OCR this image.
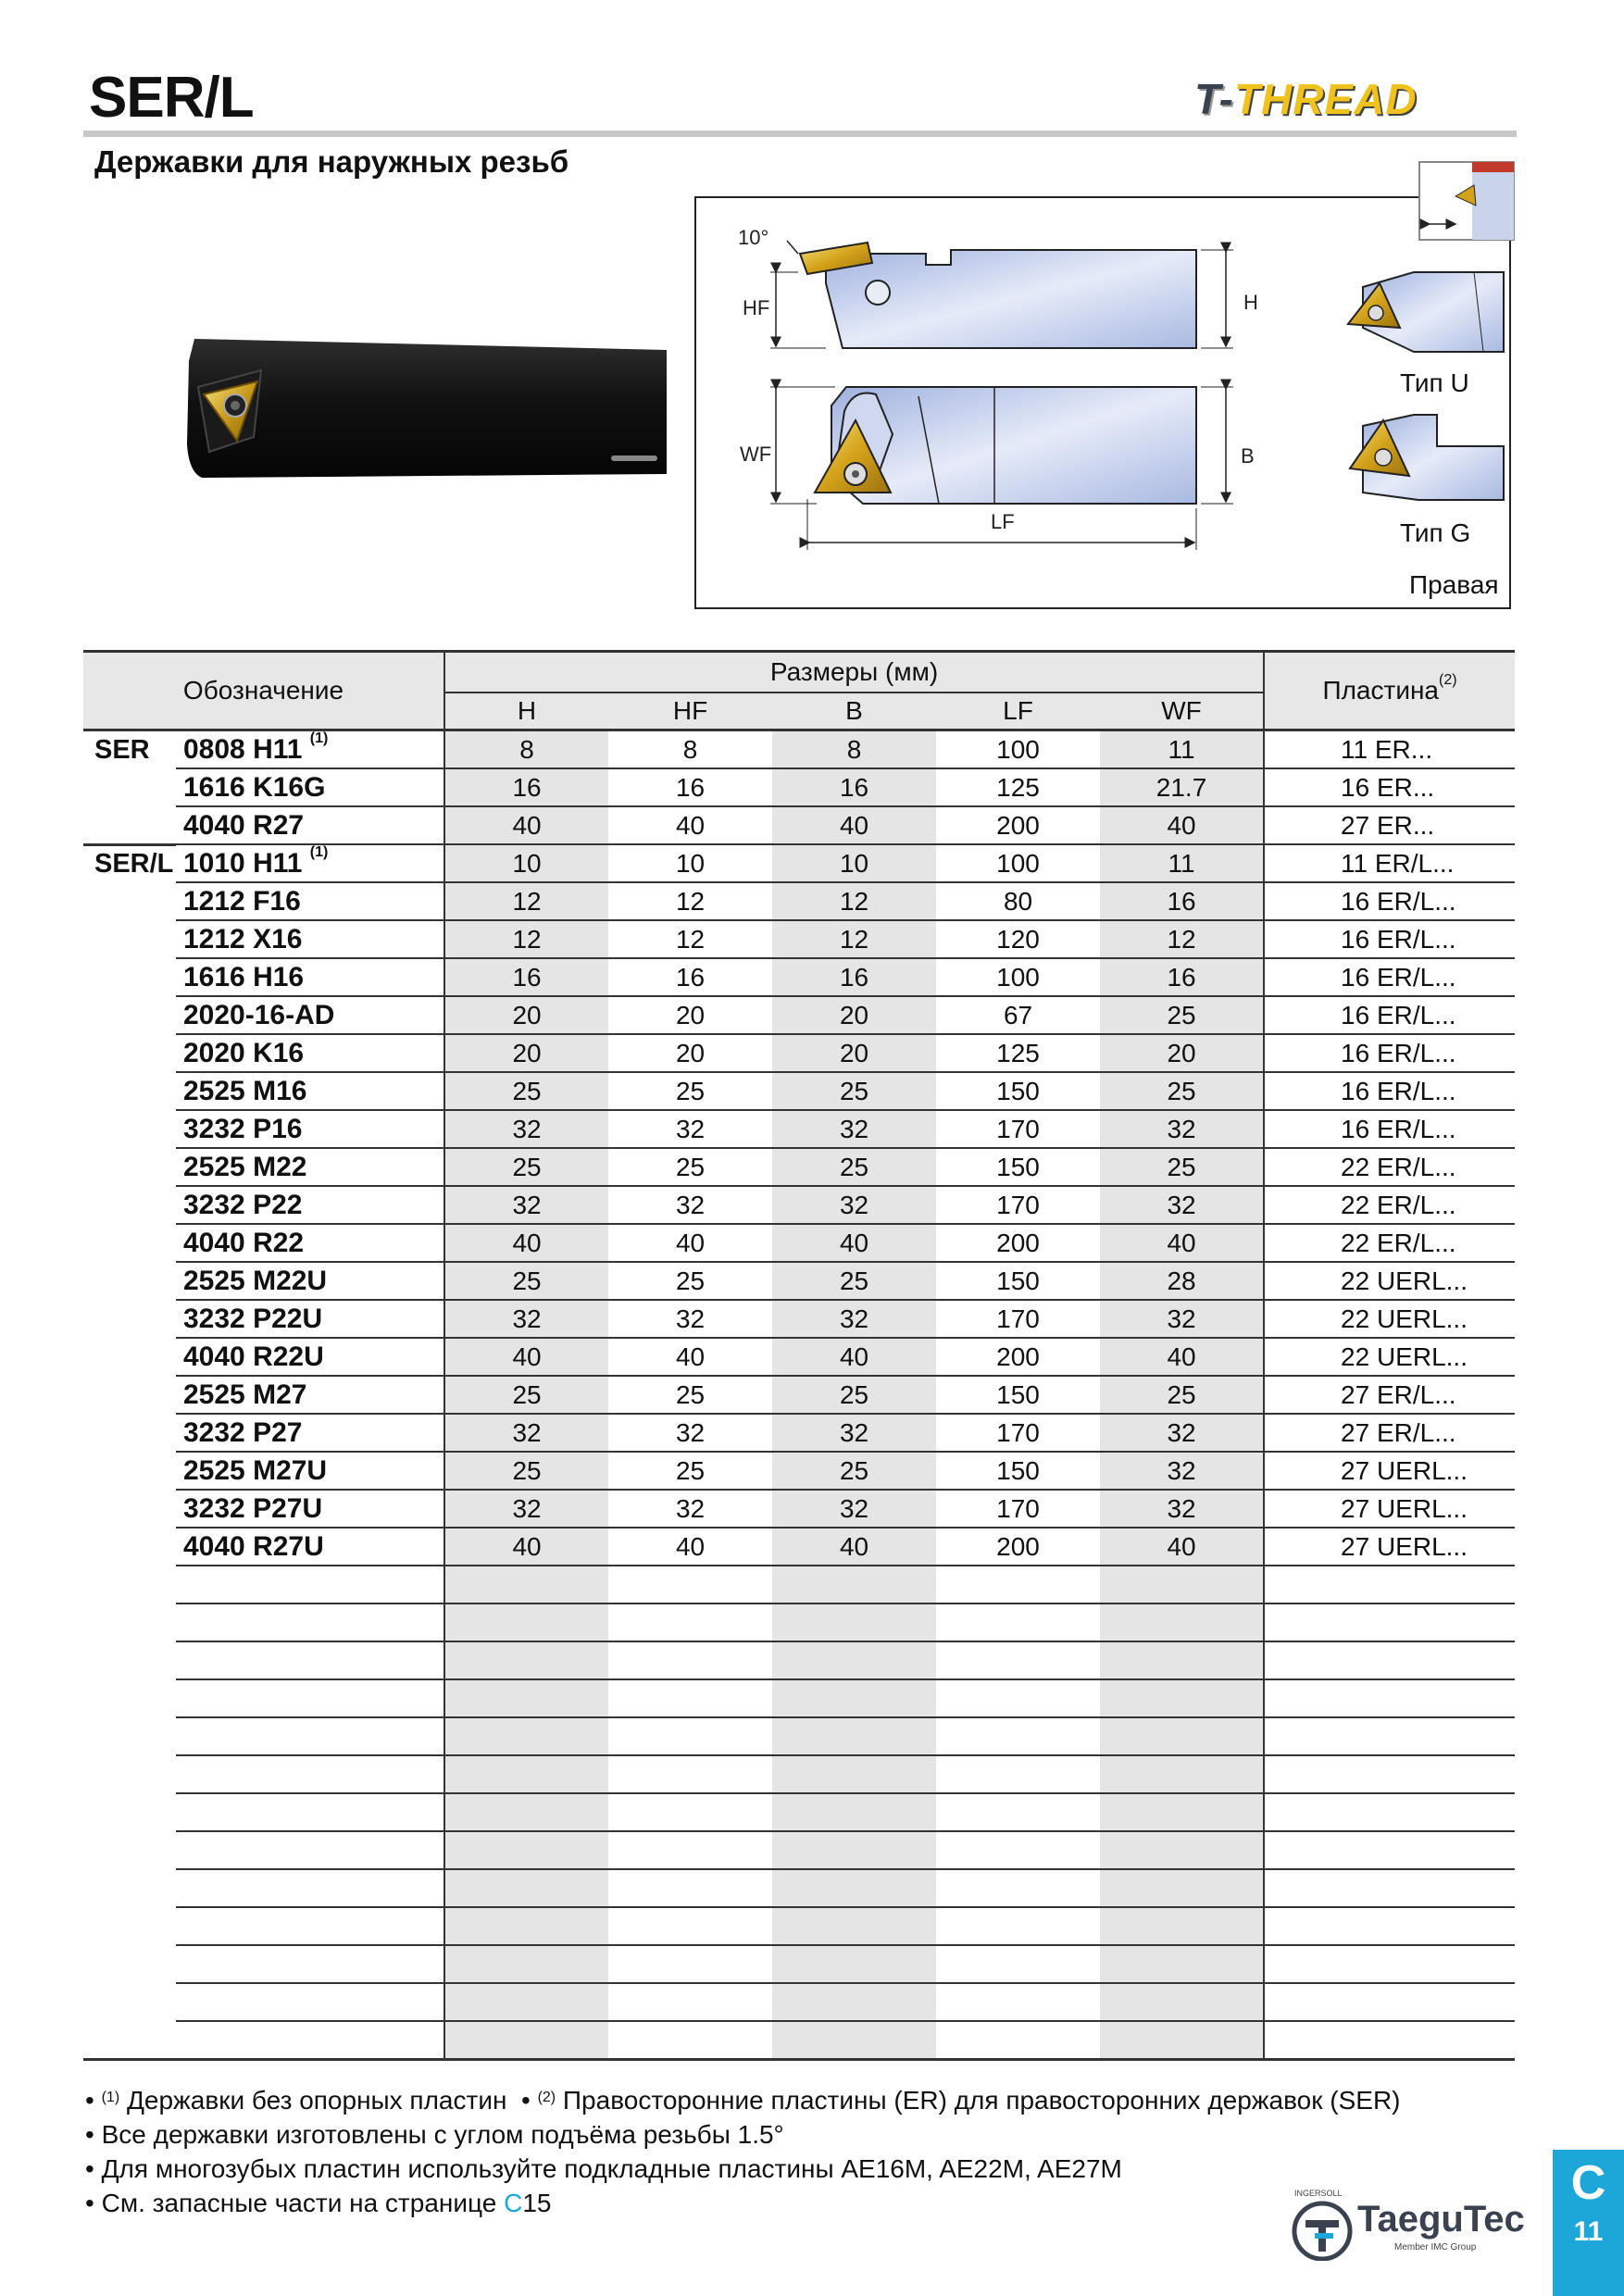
SER/L	T-THREAD
Державки для наружных резьб
10°
HF	H
WF	B
LF
Тип U
Тип G
Правая
Обозначение		Размеры (мм)					Пластина$^{(2)}$
		H	HF	B	LF	WF	
SER	0808 H11 $^{(1)}$	8	8	8	100	11	11 ER...
	1616 K16G	16	16	16	125	21.7	16 ER...
	4040 R27	40	40	40	200	40	27 ER...
SER/L	1010 H11 $^{(1)}$	10	10	10	100	11	11 ER/L...
	1212 F16	12	12	12	80	16	16 ER/L...
	1212 X16	12	12	12	120	12	16 ER/L...
	1616 H16	16	16	16	100	16	16 ER/L...
	2020-16-AD	20	20	20	67	25	16 ER/L...
	2020 K16	20	20	20	125	20	16 ER/L...
	2525 M16	25	25	25	150	25	16 ER/L...
	3232 P16	32	32	32	170	32	16 ER/L...
	2525 M22	25	25	25	150	25	22 ER/L...
	3232 P22	32	32	32	170	32	22 ER/L...
	4040 R22	40	40	40	200	40	22 ER/L...
	2525 M22U	25	25	25	150	28	22 UERL...
	3232 P22U	32	32	32	170	32	22 UERL...
	4040 R22U	40	40	40	200	40	22 UERL...
	2525 M27	25	25	25	150	25	27 ER/L...
	3232 P27	32	32	32	170	32	27 ER/L...
	2525 M27U	25	25	25	150	32	27 UERL...
	3232 P27U	32	32	32	170	32	27 UERL...
	4040 R27U	40	40	40	200	40	27 UERL...

• $^{(1)}$ Державки без опорных пластин  • $^{(2)}$ Правосторонние пластины (ER) для правосторонних державок (SER)
• Все державки изготовлены с углом подъёма резьбы 1.5°
• Для многозубых пластин используйте подкладные пластины AE16M, AE22M, AE27M
• См. запасные части на странице C15	INGERSOLL
TaeguTec
Member IMC Group
C
11
